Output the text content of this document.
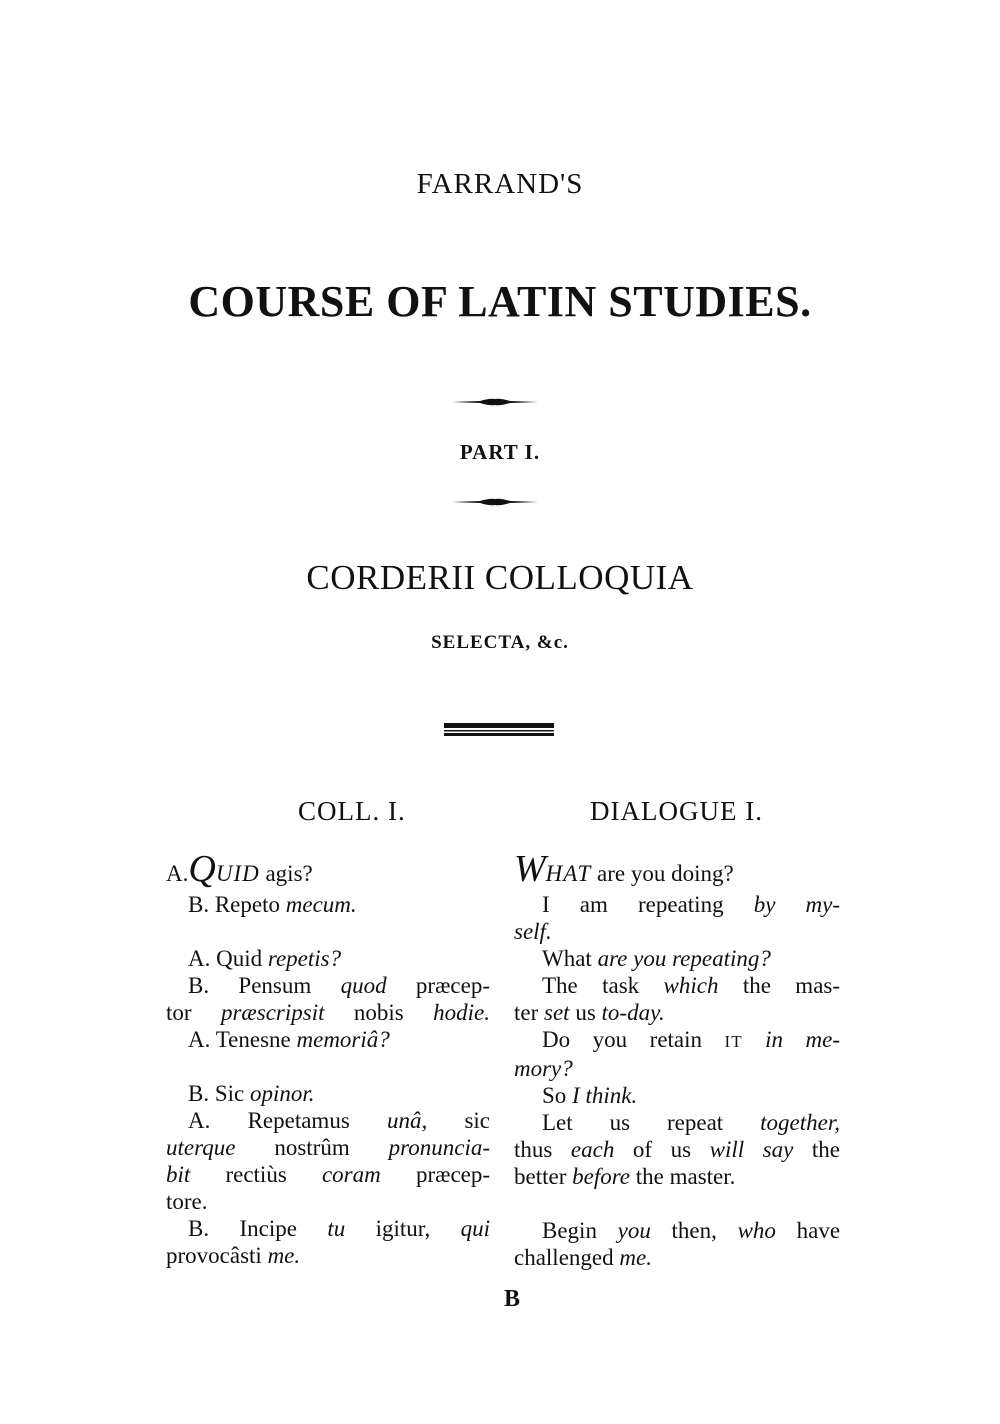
FARRAND'S
COURSE OF LATIN STUDIES.
PART I.
CORDERII COLLOQUIA
SELECTA, &c.
COLL. I.	DIALOGUE I.

A.QUID agis?

B. Repeto mecum.

A. Quid repetis?

B. Pensum quod præcep-

tor præscripsit nobis hodie.

A. Tenesne memoriâ?

B. Sic opinor.

A. Repetamus unâ, sic

uterque nostrûm pronuncia-

bit rectiùs coram præcep-

tore.

B. Incipe tu igitur, qui

provocâsti me.

WHAT are you doing?

I am repeating by my-

self.

What are you repeating?

The task which the mas-

ter set us to-day.

Do you retain IT in me-

mory?

So I think.

Let us repeat together,

thus each of us will say the

better before the master.

Begin you then, who have

challenged me.

B
